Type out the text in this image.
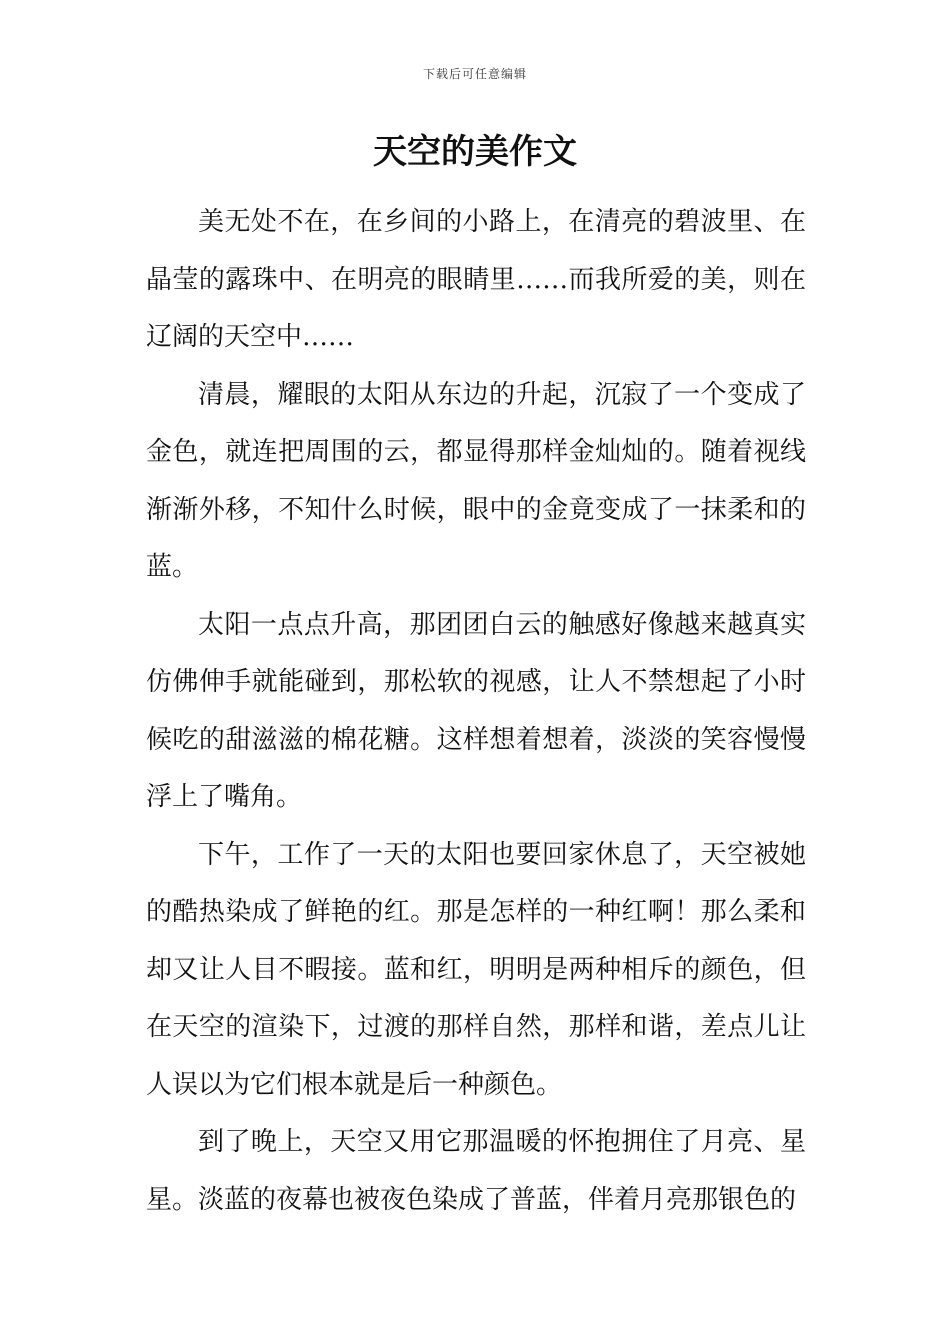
下载后可任意编辑
天空的美作文

美无处不在，在乡间的小路上，在清亮的碧波里、在晶莹的露珠中、在明亮的眼睛里……而我所爱的美，则在辽阔的天空中……

清晨，耀眼的太阳从东边的升起，沉寂了一个变成了金色，就连把周围的云，都显得那样金灿灿的。随着视线渐渐外移，不知什么时候，眼中的金竟变成了一抹柔和的蓝。

太阳一点点升高，那团团白云的触感好像越来越真实仿佛伸手就能碰到，那松软的视感，让人不禁想起了小时候吃的甜滋滋的棉花糖。这样想着想着，淡淡的笑容慢慢浮上了嘴角。

下午，工作了一天的太阳也要回家休息了，天空被她的酷热染成了鲜艳的红。那是怎样的一种红啊！那么柔和却又让人目不暇接。蓝和红，明明是两种相斥的颜色，但在天空的渲染下，过渡的那样自然，那样和谐，差点儿让人误以为它们根本就是后一种颜色。

到了晚上，天空又用它那温暖的怀抱拥住了月亮、星星。淡蓝的夜幕也被夜色染成了普蓝，伴着月亮那银色的
